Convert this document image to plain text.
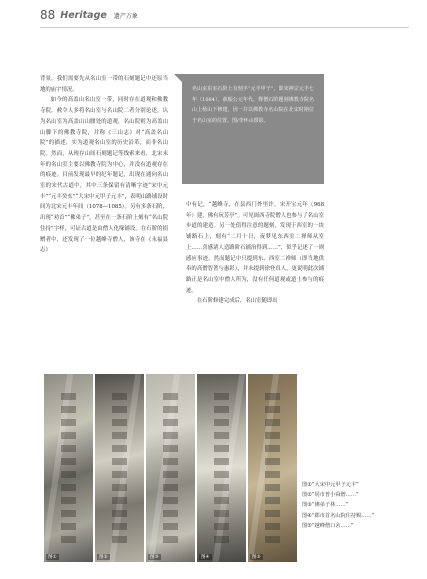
88 Heritage 遗产万象

背景，我们需要先从名山室一带的石刻题记中还原当地的庙宇情况。

如今的高盖山名山室一带，同时存在道观和佛教寺院。赦令人多将名山室与名山院二者分别论述，认为名山室为高盖山山腰处的道观，名山院则为高盖山山脚下的佛教寺院，并称《三山志》对“高盖名山院”的描述，实为道观名山室的历史沿革，而非名山院。然而，从现存山间石刻题记等线索来看，北宋末年的名山室主要以佛教寺院为中心，并没有道观存在的痕迹。目前发现最早的纪年题记，出现在通向名山室的宋代古道中，其中三条保留有清晰字迹“宋中元丰”“元丰癸亥”“大宋中元甲子元丰”，表明山路铺设时间为北宋元丰年间（1078—1085）。另有多条石阶，出现“劝首”“佛弟子”，甚至在一条石阶上刻有“名山院住持”字样，可证古道是由僧人化缘铺设。在石阶的捐赠者中，还发现了一位越峰寺僧人，该寺在《永福县志》

名山室东室石阶上有刻字“元丰甲子”，即宋神宗元丰七年（1084），赦赈公元年代，释僧石阶题刻佛教寺院名山上杨山下修建，因一并以佛教寺名山院在北宋时期位于名山室的位置。图/李怀山摄影。

中有记，“越峰寺，在县西门外里许，宋开宝元年（968年）建，佛有玩芳亭”。可见闽西寺院僧人也参与了名山室步道的建造。另一处值得注意的题刻，发现于西室的一块铺路石上，刻有“二月十日，夜梦见东西室二禅师从室上……喜感诸人造路阶石铺治得到……”，似乎记述了一则感应事迹。然而题记中只提到东、西室二禅师（即当地供奉的高僧智著与惠彩），并未提到徐登真人，更说明此次铺路正是名山室中僧人所为，没有任何道观或道士参与的痕迹。

在石阶修建完成后，名山室随即出

图①	图②	图③	图④	图⑤
图①“大宋中元甲子元丰”
图②“同市普小舜僧……”
图③“佛弟子林……”
图④“郡市首名山院住持赐……”
图⑤“越峰僧口舍……”
